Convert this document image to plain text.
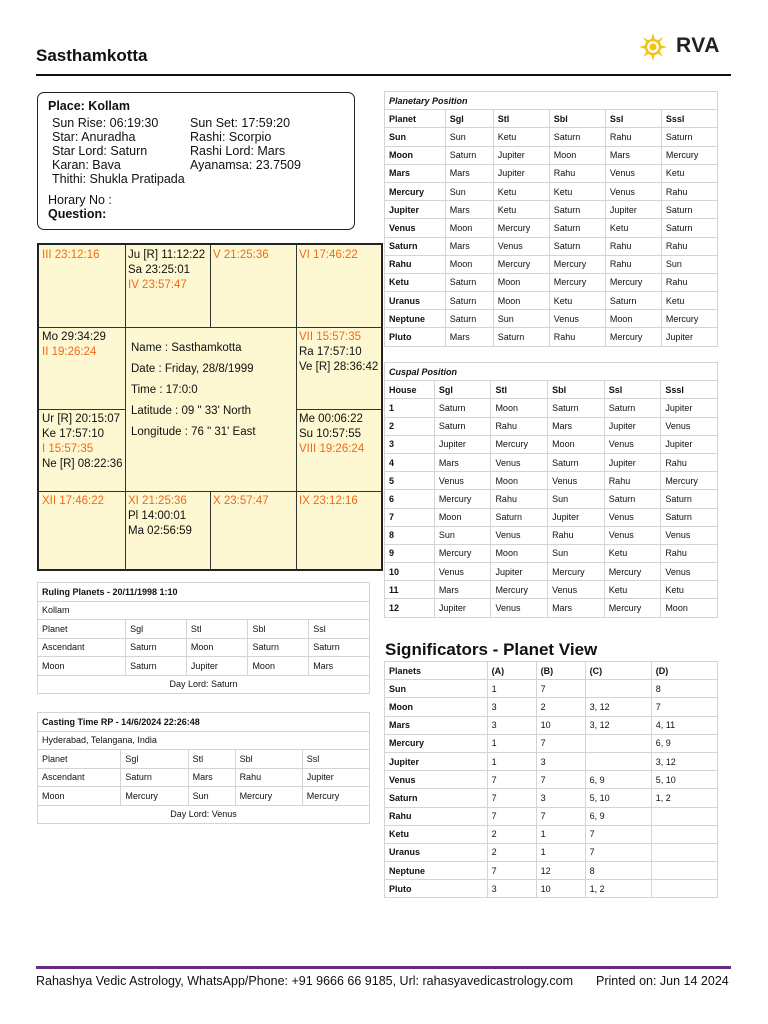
Sasthamkotta	RVA
Place: Kollam
Sun Rise: 06:19:30
Star: Anuradha
Star Lord: Saturn
Karan: Bava
Thithi: Shukla Pratipada
Sun Set: 17:59:20
Rashi: Scorpio
Rashi Lord: Mars
Ayanamsa: 23.7509
Horary No :
Question:
III 23:12:16 Ju [R] 11:12:22
Sa 23:25:01
IV 23:57:47
V 21:25:36	VI 17:46:22
Mo 29:34:29
II 19:26:24
VII 15:57:35
Ra 17:57:10
Ve [R] 28:36:42
Ur [R] 20:15:07
Ke 17:57:10
I 15:57:35
Ne [R] 08:22:36
Me 00:06:22
Su 10:57:55
VIII 19:26:24
XII 17:46:22 XI 21:25:36
Pl 14:00:01
Ma 02:56:59
X 23:57:47	IX 23:12:16
Name : Sasthamkotta
Date : Friday, 28/8/1999
Time : 17:0:0
Latitude : 09 " 33' North
Longitude : 76 " 31' East
Planetary Position					
Planet	Sgl	Stl	Sbl	Ssl	Sssl
Sun	Sun	Ketu	Saturn	Rahu	Saturn
Moon	Saturn	Jupiter	Moon	Mars	Mercury
Mars	Mars	Jupiter	Rahu	Venus	Ketu
Mercury	Sun	Ketu	Ketu	Venus	Rahu
Jupiter	Mars	Ketu	Saturn	Jupiter	Saturn
Venus	Moon	Mercury	Saturn	Ketu	Saturn
Saturn	Mars	Venus	Saturn	Rahu	Rahu
Rahu	Moon	Mercury	Mercury	Rahu	Sun
Ketu	Saturn	Moon	Mercury	Mercury	Rahu
Uranus	Saturn	Moon	Ketu	Saturn	Ketu
Neptune	Saturn	Sun	Venus	Moon	Mercury
Pluto	Mars	Saturn	Rahu	Mercury	Jupiter
Cuspal Position					
House	Sgl	Stl	Sbl	Ssl	Sssl
1	Saturn	Moon	Saturn	Saturn	Jupiter
2	Saturn	Rahu	Mars	Jupiter	Venus
3	Jupiter	Mercury	Moon	Venus	Jupiter
4	Mars	Venus	Saturn	Jupiter	Rahu
5	Venus	Moon	Venus	Rahu	Mercury
6	Mercury	Rahu	Sun	Saturn	Saturn
7	Moon	Saturn	Jupiter	Venus	Saturn
8	Sun	Venus	Rahu	Venus	Venus
9	Mercury	Moon	Sun	Ketu	Rahu
10	Venus	Jupiter	Mercury	Mercury	Venus
11	Mars	Mercury	Venus	Ketu	Ketu
12	Jupiter	Venus	Mars	Mercury	Moon
Ruling Planets - 20/11/1998 1:10				
Kollam				
Planet	Sgl	Stl	Sbl	Ssl
Ascendant	Saturn	Moon	Saturn	Saturn
Moon	Saturn	Jupiter	Moon	Mars
Day Lord: Saturn				
Casting Time RP - 14/6/2024 22:26:48				
Hyderabad, Telangana, India				
Planet	Sgl	Stl	Sbl	Ssl
Ascendant	Saturn	Mars	Rahu	Jupiter
Moon	Mercury	Sun	Mercury	Mercury
Day Lord: Venus				
Significators - Planet View
Planets	(A)	(B)	(C)	(D)
Sun	1	7		8
Moon	3	2	3, 12	7
Mars	3	10	3, 12	4, 11
Mercury	1	7		6, 9
Jupiter	1	3		3, 12
Venus	7	7	6, 9	5, 10
Saturn	7	3	5, 10	1, 2
Rahu	7	7	6, 9	
Ketu	2	1	7	
Uranus	2	1	7	
Neptune	7	12	8	
Pluto	3	10	1, 2	
Rahashya Vedic Astrology, WhatsApp/Phone: +91 9666 66 9185, Url: rahasyavedicastrology.com Printed on: Jun 14 2024
